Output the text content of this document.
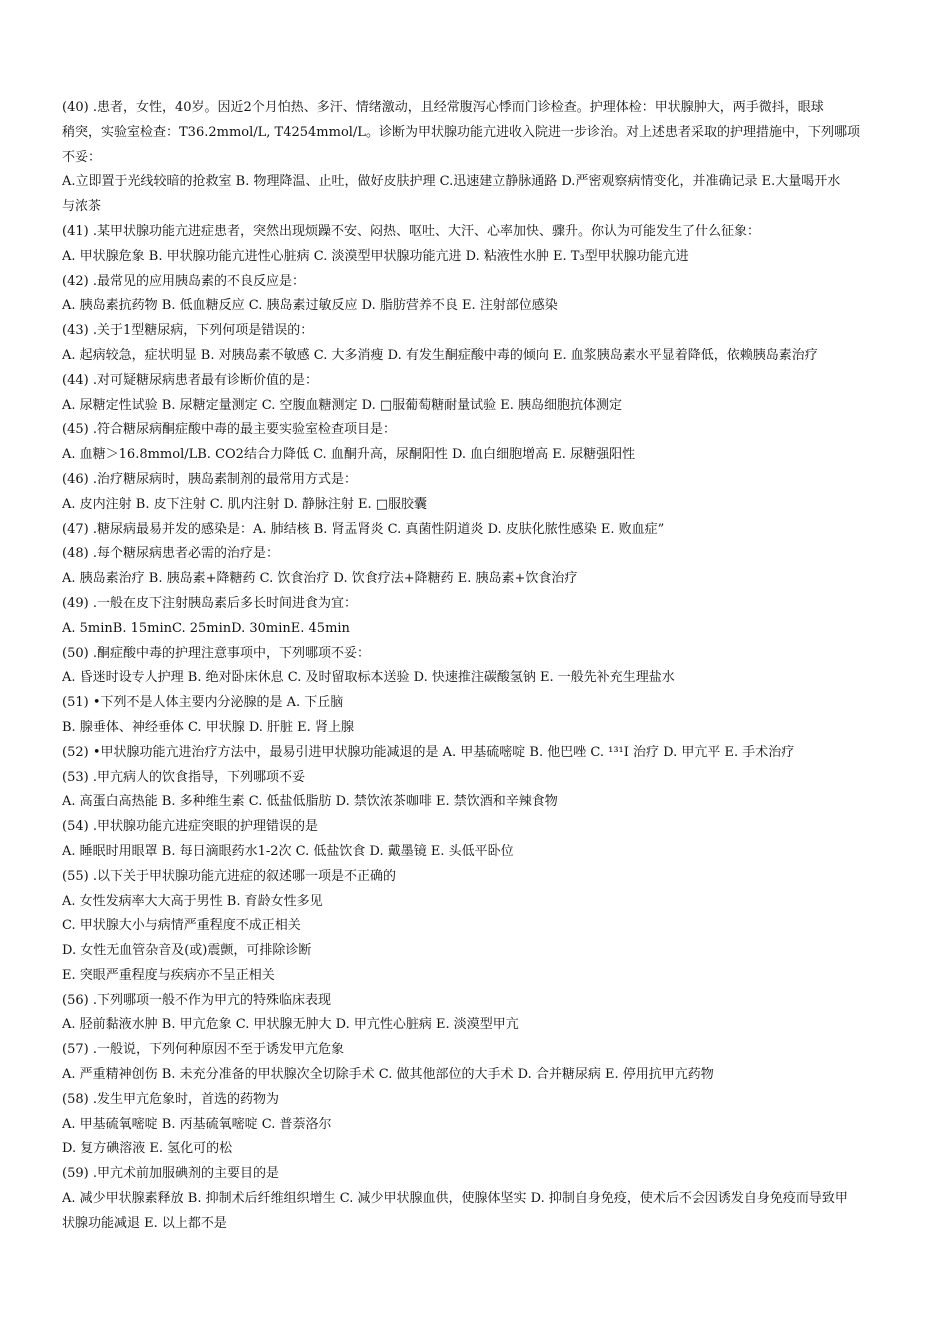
(40) .患者，女性，40岁。因近2个月怕热、多汗、情绪激动，且经常腹泻心悸而门诊检查。护理体检：甲状腺肿大，两手微抖，眼球
稍突，实验室检查：T36.2mmol/L, T4254mmol/L。诊断为甲状腺功能亢进收入院进一步诊治。对上述患者采取的护理措施中，下列哪项
不妥：
A.立即置于光线较暗的抢救室 B. 物理降温、止吐，做好皮肤护理 C.迅速建立静脉通路 D.严密观察病情变化，并准确记录 E.大量喝开水
与浓茶
(41) .某甲状腺功能亢进症患者，突然出现烦躁不安、闷热、呕吐、大汗、心率加快、骤升。你认为可能发生了什么征象：
A. 甲状腺危象 B. 甲状腺功能亢进性心脏病 C. 淡漠型甲状腺功能亢进 D. 粘液性水肿 E. T₃型甲状腺功能亢进
(42) .最常见的应用胰岛素的不良反应是：
A. 胰岛素抗药物 B. 低血糖反应 C. 胰岛素过敏反应 D. 脂肪营养不良 E. 注射部位感染
(43) .关于1型糖尿病，下列何项是错误的：
A. 起病较急，症状明显 B. 对胰岛素不敏感 C. 大多消瘦 D. 有发生酮症酸中毒的倾向 E. 血浆胰岛素水平显着降低，依赖胰岛素治疗
(44) .对可疑糖尿病患者最有诊断价值的是：
A. 尿糖定性试验 B. 尿糖定量测定 C. 空腹血糖测定 D. □服葡萄糖耐量试验 E. 胰岛细胞抗体测定
(45) .符合糖尿病酮症酸中毒的最主要实验室检查项目是：
A. 血糖＞16.8mmol/LB. CO2结合力降低 C. 血酮升高，尿酮阳性 D. 血白细胞增高 E. 尿糖强阳性
(46) .治疗糖尿病时，胰岛素制剂的最常用方式是：
A. 皮内注射 B. 皮下注射 C. 肌内注射 D. 静脉注射 E. □服胶囊
(47) .糖尿病最易并发的感染是：A. 肺结核 B. 肾盂肾炎 C. 真菌性阴道炎 D. 皮肤化脓性感染 E. 败血症”
(48) .每个糖尿病患者必需的治疗是：
A. 胰岛素治疗 B. 胰岛素+降糖药 C. 饮食治疗 D. 饮食疗法+降糖药 E. 胰岛素+饮食治疗
(49) .一般在皮下注射胰岛素后多长时间进食为宜：
A. 5minB. 15minC. 25minD. 30minE. 45min
(50) .酮症酸中毒的护理注意事项中，下列哪项不妥：
A. 昏迷时设专人护理 B. 绝对卧床休息 C. 及时留取标本送验 D. 快速推注碳酸氢钠 E. 一般先补充生理盐水
(51) •下列不是人体主要内分泌腺的是 A. 下丘脑
B. 腺垂体、神经垂体 C. 甲状腺 D. 肝脏 E. 肾上腺
(52) •甲状腺功能亢进治疗方法中，最易引进甲状腺功能减退的是 A. 甲基硫嘧啶 B. 他巴唑 C. ¹³¹I 治疗 D. 甲亢平 E. 手术治疗
(53) .甲亢病人的饮食指导，下列哪项不妥
A. 高蛋白高热能 B. 多种维生素 C. 低盐低脂肪 D. 禁饮浓茶咖啡 E. 禁饮酒和辛辣食物
(54) .甲状腺功能亢进症突眼的护理错误的是
A. 睡眠时用眼罩 B. 每日滴眼药水1-2次 C. 低盐饮食 D. 戴墨镜 E. 头低平卧位
(55) .以下关于甲状腺功能亢进症的叙述哪一项是不正确的
A. 女性发病率大大高于男性 B. 育龄女性多见
C. 甲状腺大小与病情严重程度不成正相关
D. 女性无血管杂音及(或)震颤，可排除诊断
E. 突眼严重程度与疾病亦不呈正相关
(56) .下列哪项一般不作为甲亢的特殊临床表现
A. 胫前黏液水肿 B. 甲亢危象 C. 甲状腺无肿大 D. 甲亢性心脏病 E. 淡漠型甲亢
(57) .一般说，下列何种原因不至于诱发甲亢危象
A. 严重精神创伤 B. 未充分准备的甲状腺次全切除手术 C. 做其他部位的大手术 D. 合并糖尿病 E. 停用抗甲亢药物
(58) .发生甲亢危象时，首选的药物为
A. 甲基硫氧嘧啶 B. 丙基硫氧嘧啶 C. 普萘洛尔
D. 复方碘溶液 E. 氢化可的松
(59) .甲亢术前加服碘剂的主要目的是
A. 减少甲状腺素释放 B. 抑制术后纤维组织增生 C. 减少甲状腺血供，使腺体坚实 D. 抑制自身免疫，使术后不会因诱发自身免疫而导致甲
状腺功能减退 E. 以上都不是
